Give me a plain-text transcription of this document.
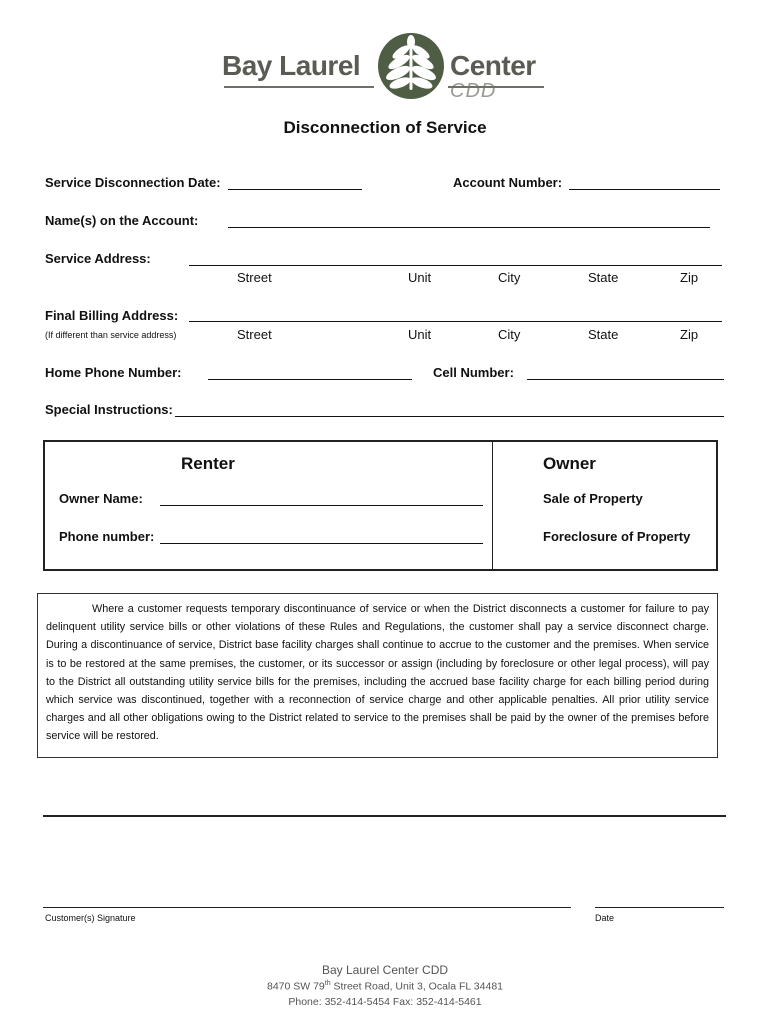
Bay Laurel	Center
CDD
Disconnection of Service
Service Disconnection Date:	Account Number:
Name(s) on the Account:
Service Address:
Street	Unit	City	State	Zip
Final Billing Address:
(If different than service address)	Street	Unit	City	State	Zip
Home Phone Number:	Cell Number:
Special Instructions:
Renter
Owner Name:
Phone number:
Owner
Sale of Property
Foreclosure of Property

Where a customer requests temporary discontinuance of service or when the District disconnects a customer for failure to pay delinquent utility service bills or other violations of these Rules and Regulations, the customer shall pay a service disconnect charge. During a discontinuance of service, District base facility charges shall continue to accrue to the customer and the premises. When service is to be restored at the same premises, the customer, or its successor or assign (including by foreclosure or other legal process), will pay to the District all outstanding utility service bills for the premises, including the accrued base facility charge for each billing period during which service was discontinued, together with a reconnection of service charge and other applicable penalties. All prior utility service charges and all other obligations owing to the District related to service to the premises shall be paid by the owner of the premises before service will be restored.

Customer(s) Signature	Date
Bay Laurel Center CDD
8470 SW 79th Street Road, Unit 3, Ocala FL 34481
Phone: 352-414-5454 Fax: 352-414-5461
